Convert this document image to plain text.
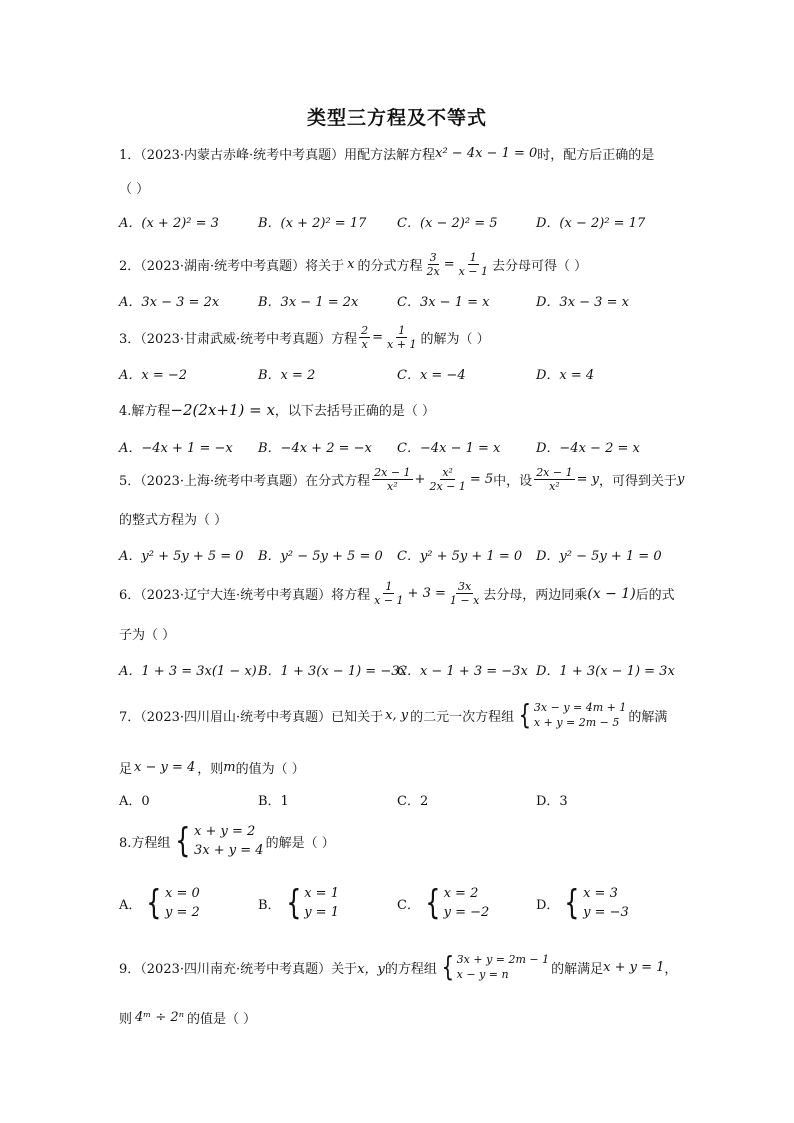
类型三方程及不等式
1．（2023·内蒙古赤峰·统考中考真题）用配方法解方程 x² − 4x − 1 = 0 时，配方后正确的是
（ ）
A．(x + 2)² = 3	B．(x + 2)² = 17 C．(x − 2)² = 5	D．(x − 2)² = 17
2．（2023·湖南·统考中考真题）将关于 x 的分式方程 $\frac{3}{2x} = \frac{1}{x - 1}$ 去分母可得（ ）
A．3x − 3 = 2x	B．3x − 1 = 2x	C．3x − 1 = x	D．3x − 3 = x
3．（2023·甘肃武威·统考中考真题）方程 $\frac{2}{x} = \frac{1}{x + 1}$ 的解为（ ）
A．x = −2	B．x = 2	C．x = −4	D．x = 4
4.解方程 −2(2x+1) = x ，以下去括号正确的是（ ）
A．−4x + 1 = −x B．−4x + 2 = −x C．−4x − 1 = x	D．−4x − 2 = x
5．（2023·上海·统考中考真题）在分式方程 $\frac{2x - 1}{\text{x²}} + \frac{\text{x²}}{2x - 1} = 5$ 中，设 $\frac{2x - 1}{\text{x²}} = y$ ，可得到关于 y
的整式方程为（ ）
A．y² + 5y + 5 = 0 B．y² − 5y + 5 = 0 C．y² + 5y + 1 = 0 D．y² − 5y + 1 = 0
6．（2023·辽宁大连·统考中考真题）将方程 $\frac{1}{x - 1} + 3 = \frac{3x}{1 - x}$ 去分母，两边同乘 (x − 1) 后的式
子为（ ）
A．1 + 3 = 3x(1 − x) B．1 + 3(x − 1) = −3x
C．x − 1 + 3 = −3x D．1 + 3(x − 1) = 3x
7．（2023·四川眉山·统考中考真题）已知关于 x, y 的二元一次方程组 { 3x − y = 4m + 1
x + y = 2m − 5 的解满
足 x − y = 4 ，则 m 的值为（ ）
A．0	B．1	C．2	D．3
8.方程组 { x + y = 2
3x + y = 4 的解是（ ）
A． { x = 0
y = 2	B． { x = 1
y = 1	C． { x = 2
y = −2	D． { x = 3
y = −3
9．（2023·四川南充·统考中考真题）关于 x，y 的方程组 { 3x + y = 2m − 1
x − y = n	的解满足 x + y = 1 ，
则 4ᵐ ÷ 2ⁿ 的值是（ ）
